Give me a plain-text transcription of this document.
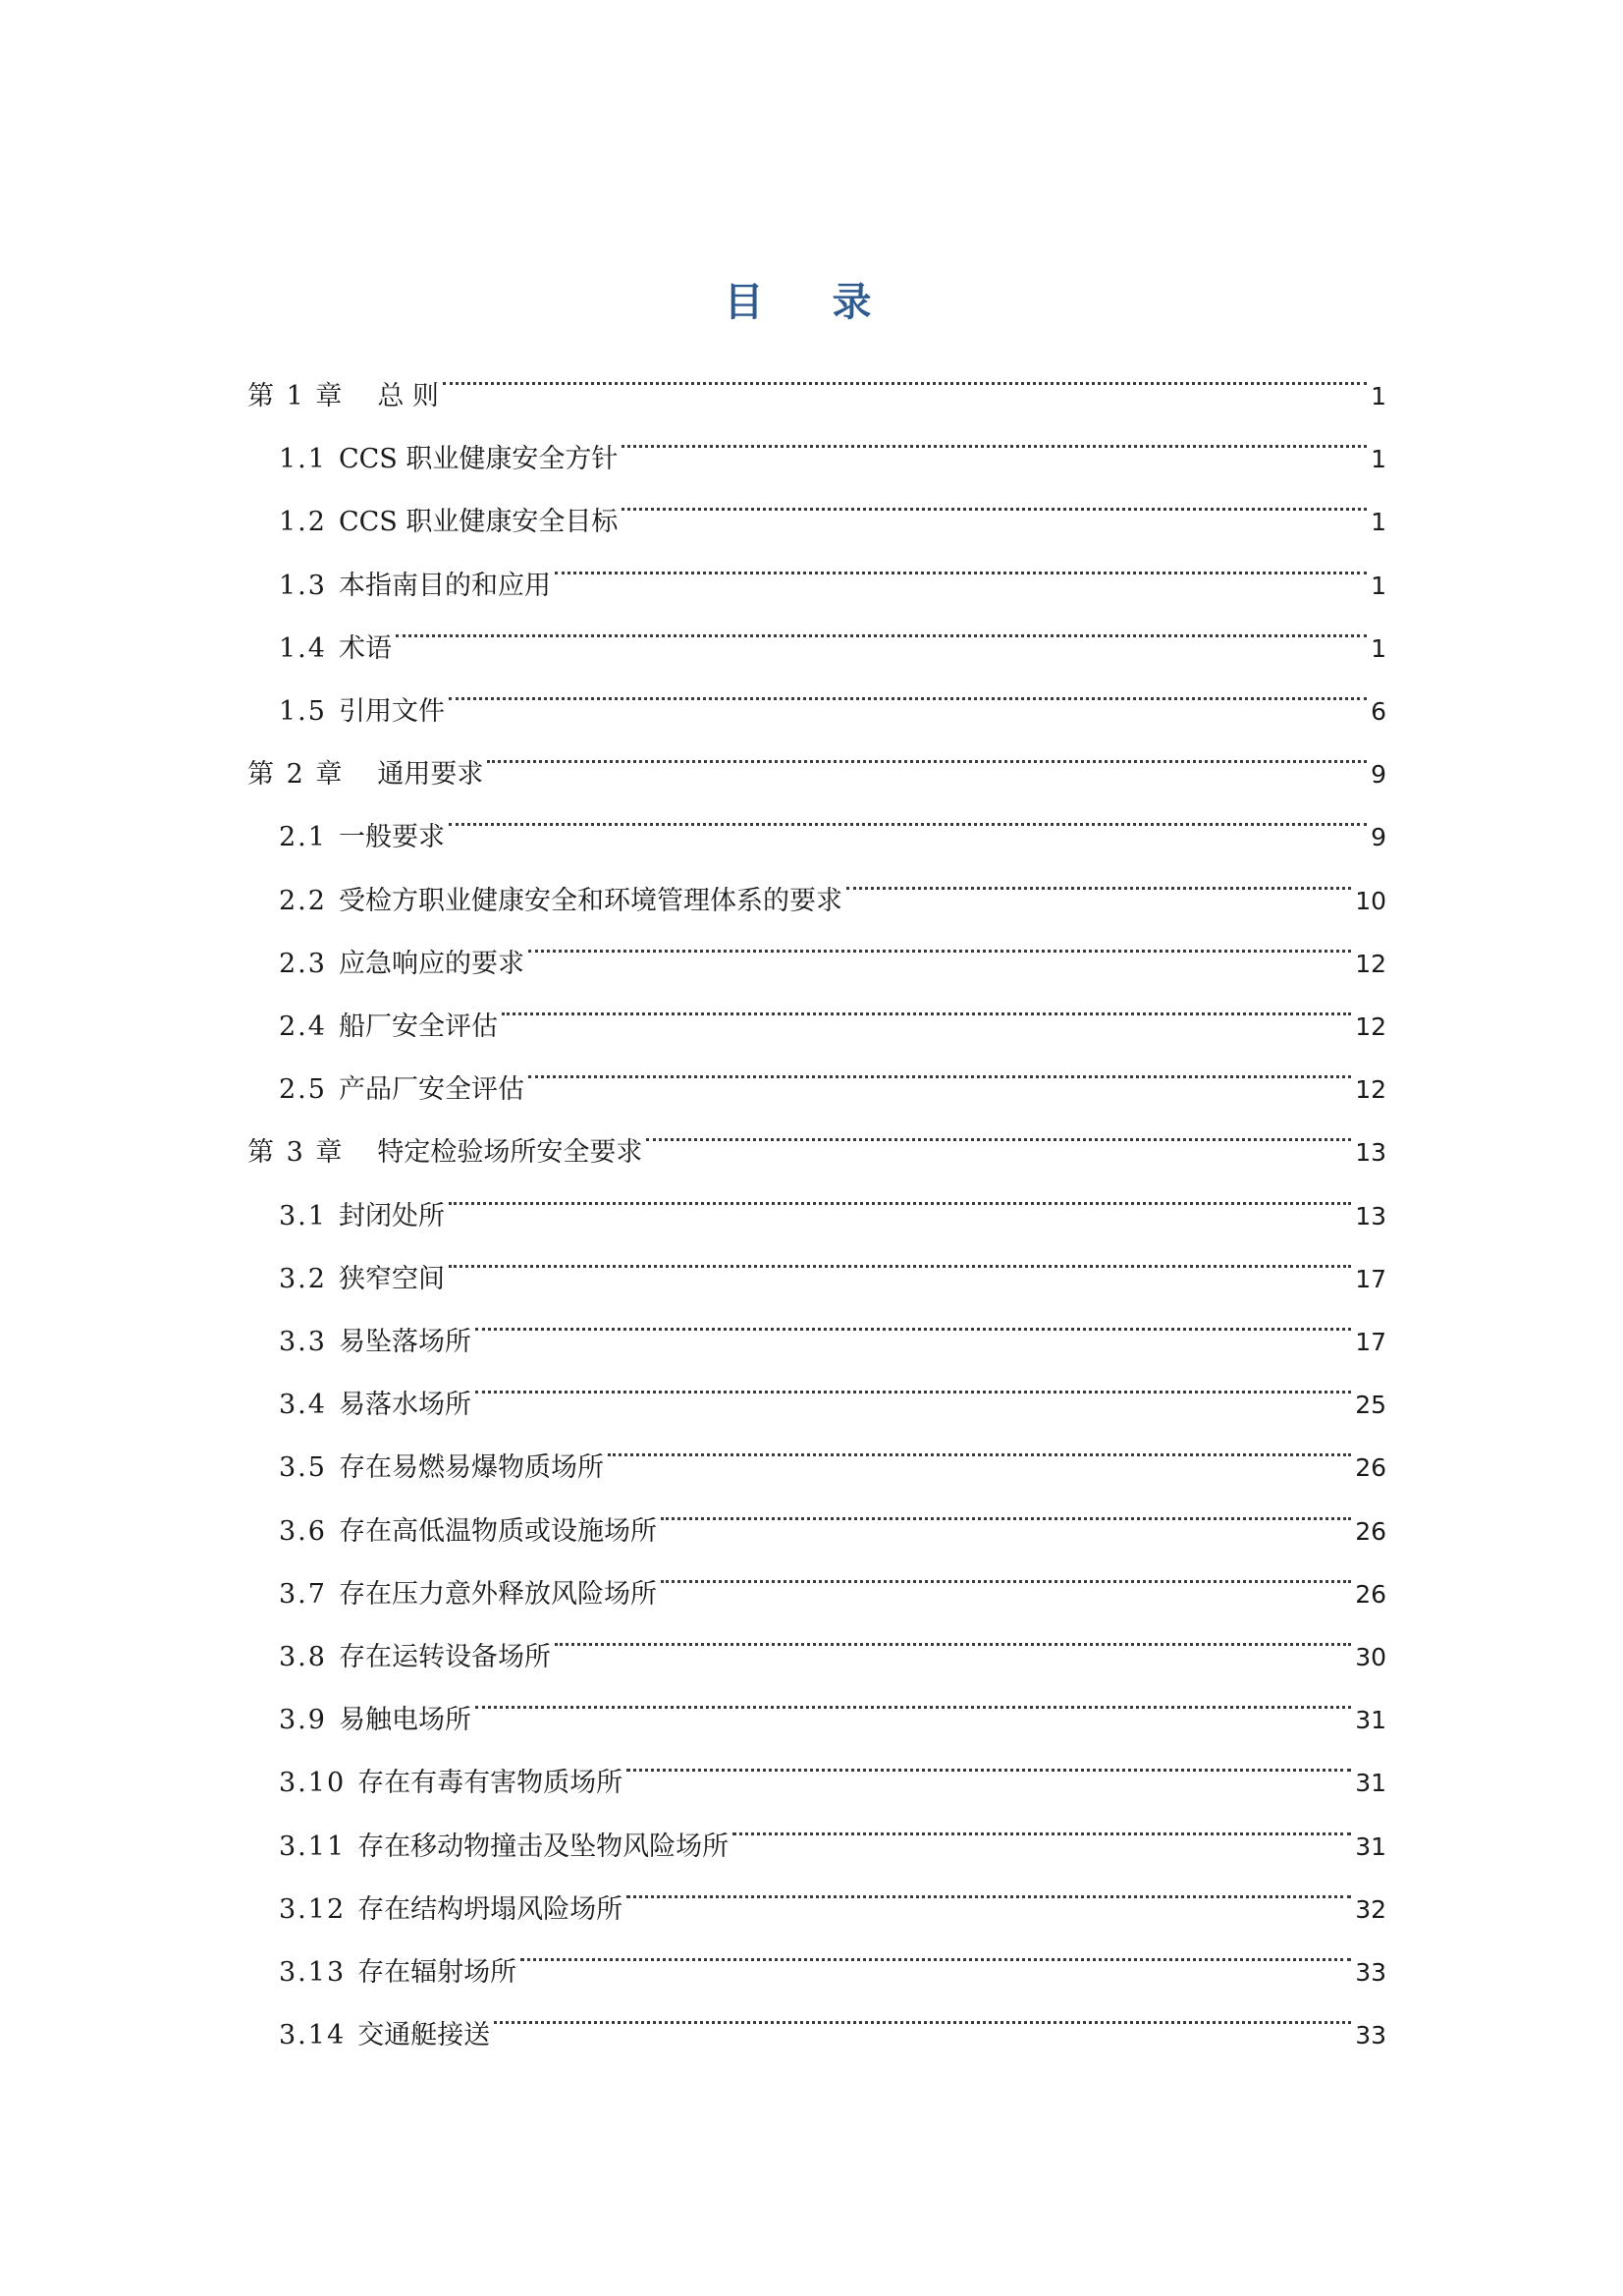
目 录
第 1 章 总 则	1
1.1 CCS 职业健康安全方针	1
1.2 CCS 职业健康安全目标	1
1.3 本指南目的和应用	1
1.4 术语	1
1.5 引用文件	6
第 2 章 通用要求	9
2.1 一般要求	9
2.2 受检方职业健康安全和环境管理体系的要求	10
2.3 应急响应的要求	12
2.4 船厂安全评估	12
2.5 产品厂安全评估	12
第 3 章 特定检验场所安全要求	13
3.1 封闭处所	13
3.2 狭窄空间	17
3.3 易坠落场所	17
3.4 易落水场所	25
3.5 存在易燃易爆物质场所	26
3.6 存在高低温物质或设施场所	26
3.7 存在压力意外释放风险场所	26
3.8 存在运转设备场所	30
3.9 易触电场所	31
3.10 存在有毒有害物质场所	31
3.11 存在移动物撞击及坠物风险场所	31
3.12 存在结构坍塌风险场所	32
3.13 存在辐射场所	33
3.14 交通艇接送	33
